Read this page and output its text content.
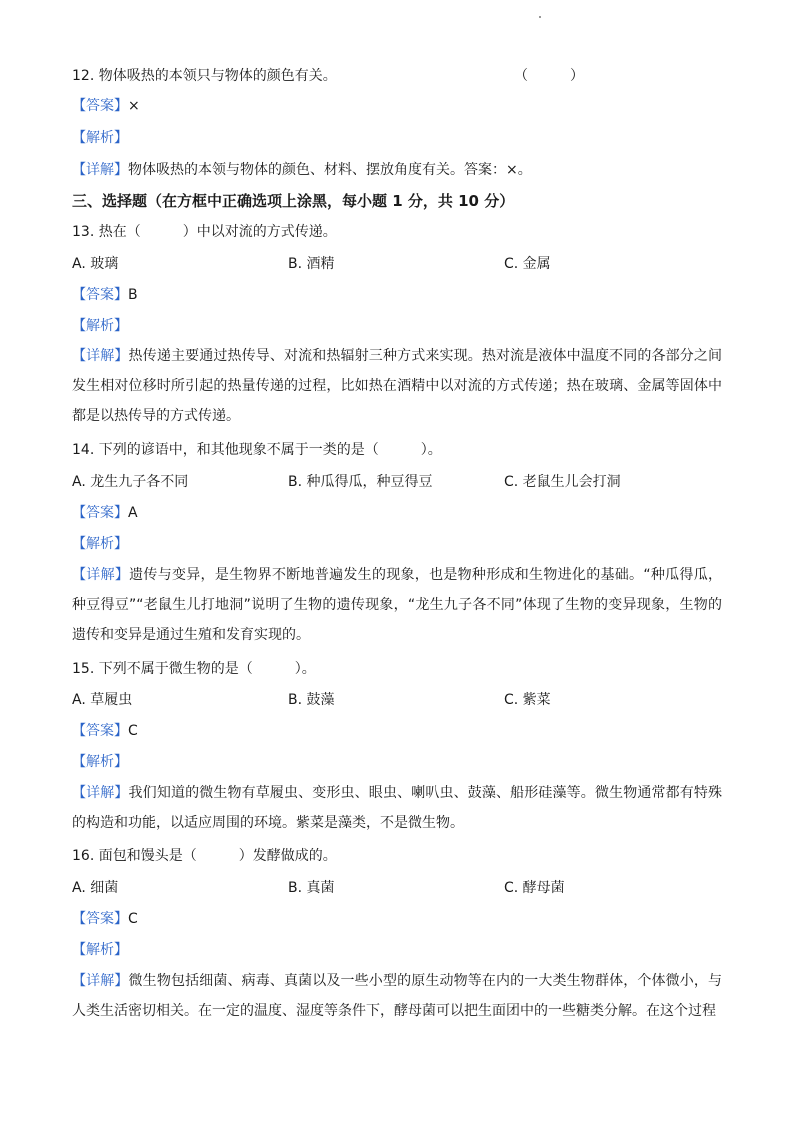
12. 物体吸热的本领只与物体的颜色有关。	（　　　）
【答案】×
【解析】
【详解】物体吸热的本领与物体的颜色、材料、摆放角度有关。答案：×。
三、选择题（在方框中正确选项上涂黑，每小题 1 分，共 10 分）
13. 热在（	）中以对流的方式传递。
A. 玻璃	B. 酒精	C. 金属
【答案】B
【解析】
【详解】热传递主要通过热传导、对流和热辐射三种方式来实现。热对流是液体中温度不同的各部分之间发生相对位移时所引起的热量传递的过程，比如热在酒精中以对流的方式传递；热在玻璃、金属等固体中都是以热传导的方式传递。
14. 下列的谚语中，和其他现象不属于一类的是（	）。
A. 龙生九子各不同	B. 种瓜得瓜，种豆得豆	C. 老鼠生儿会打洞
【答案】A
【解析】
【详解】遗传与变异，是生物界不断地普遍发生的现象，也是物种形成和生物进化的基础。“种瓜得瓜，种豆得豆”“老鼠生儿打地洞”说明了生物的遗传现象，“龙生九子各不同”体现了生物的变异现象，生物的遗传和变异是通过生殖和发育实现的。
15. 下列不属于微生物的是（	）。
A. 草履虫	B. 鼓藻	C. 紫菜
【答案】C
【解析】
【详解】我们知道的微生物有草履虫、变形虫、眼虫、喇叭虫、鼓藻、船形硅藻等。微生物通常都有特殊的构造和功能，以适应周围的环境。紫菜是藻类，不是微生物。
16. 面包和馒头是（	）发酵做成的。
A. 细菌	B. 真菌	C. 酵母菌
【答案】C
【解析】
【详解】微生物包括细菌、病毒、真菌以及一些小型的原生动物等在内的一大类生物群体，个体微小，与人类生活密切相关。在一定的温度、湿度等条件下，酵母菌可以把生面团中的一些糖类分解。在这个过程
